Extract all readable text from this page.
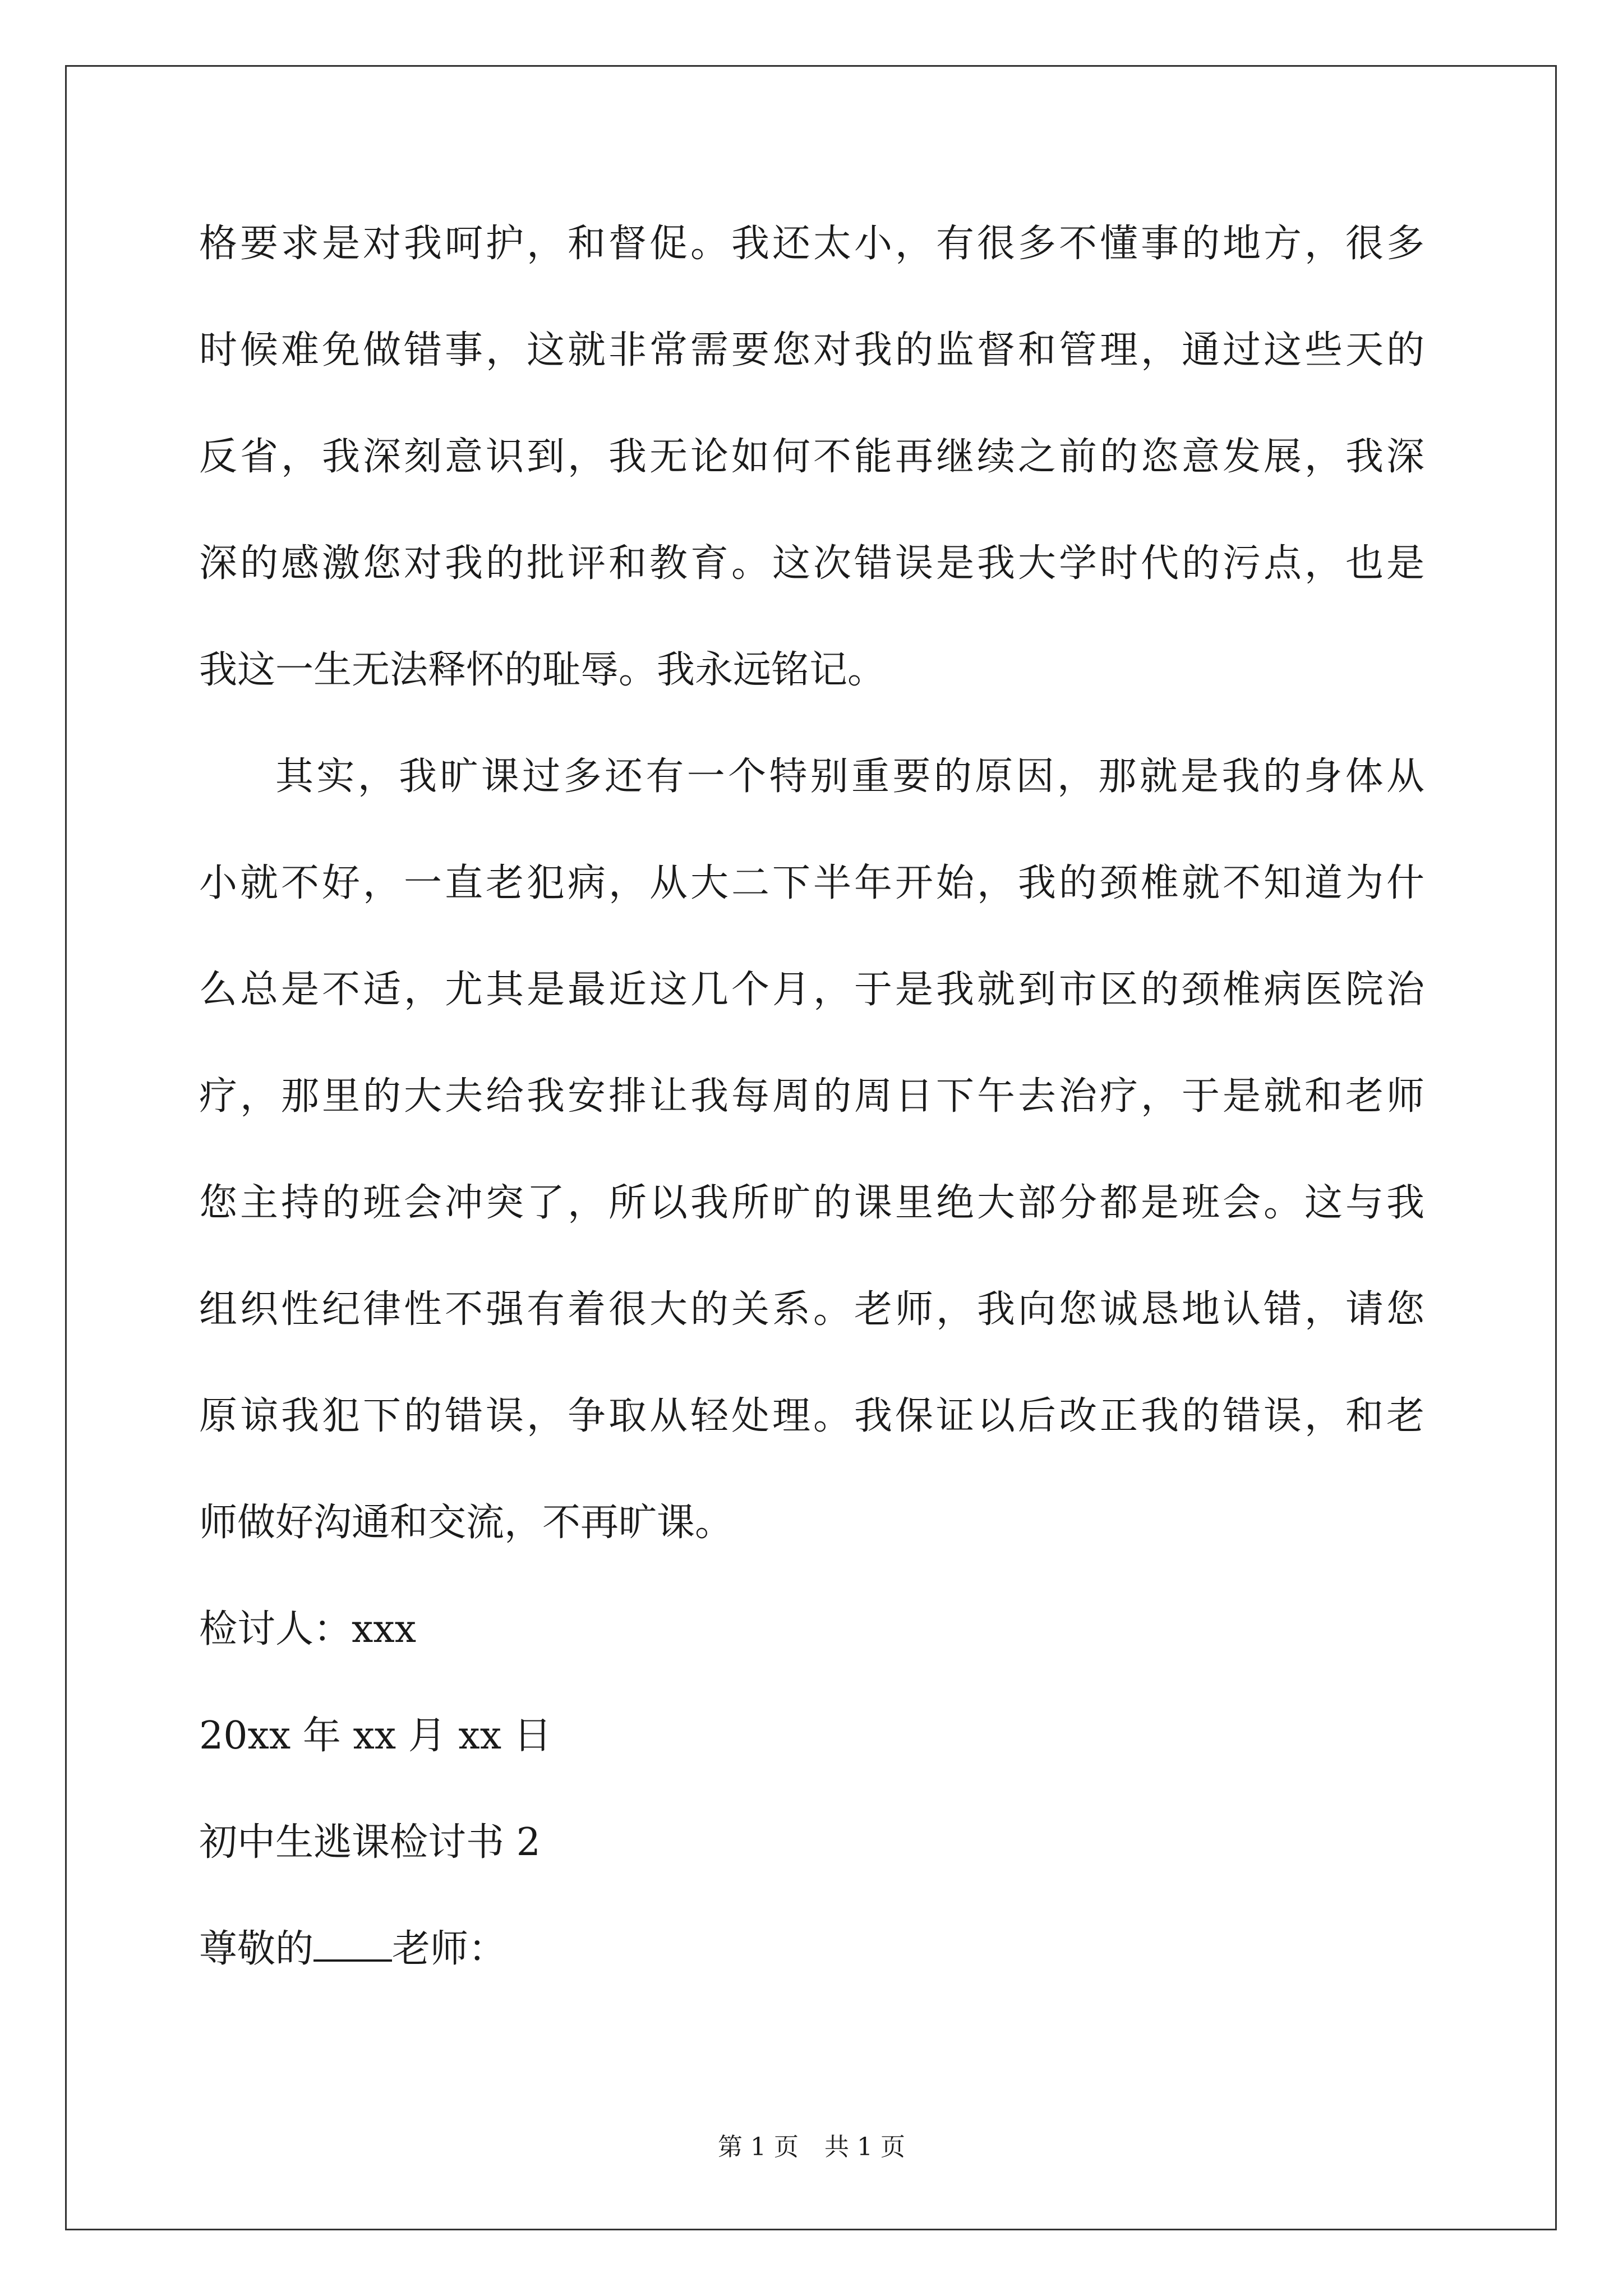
格要求是对我呵护，和督促。我还太小，有很多不懂事的地方，很多
时候难免做错事，这就非常需要您对我的监督和管理，通过这些天的
反省，我深刻意识到，我无论如何不能再继续之前的恣意发展，我深
深的感激您对我的批评和教育。这次错误是我大学时代的污点，也是
我这一生无法释怀的耻辱。我永远铭记。
其实，我旷课过多还有一个特别重要的原因，那就是我的身体从
小就不好，一直老犯病，从大二下半年开始，我的颈椎就不知道为什
么总是不适，尤其是最近这几个月，于是我就到市区的颈椎病医院治
疗，那里的大夫给我安排让我每周的周日下午去治疗，于是就和老师
您主持的班会冲突了，所以我所旷的课里绝大部分都是班会。这与我
组织性纪律性不强有着很大的关系。老师，我向您诚恳地认错，请您
原谅我犯下的错误，争取从轻处理。我保证以后改正我的错误，和老
师做好沟通和交流，不再旷课。
检讨人：xxx
20xx 年 xx 月 xx 日
初中生逃课检讨书 2
尊敬的 老师：
第 1 页 共 1 页
